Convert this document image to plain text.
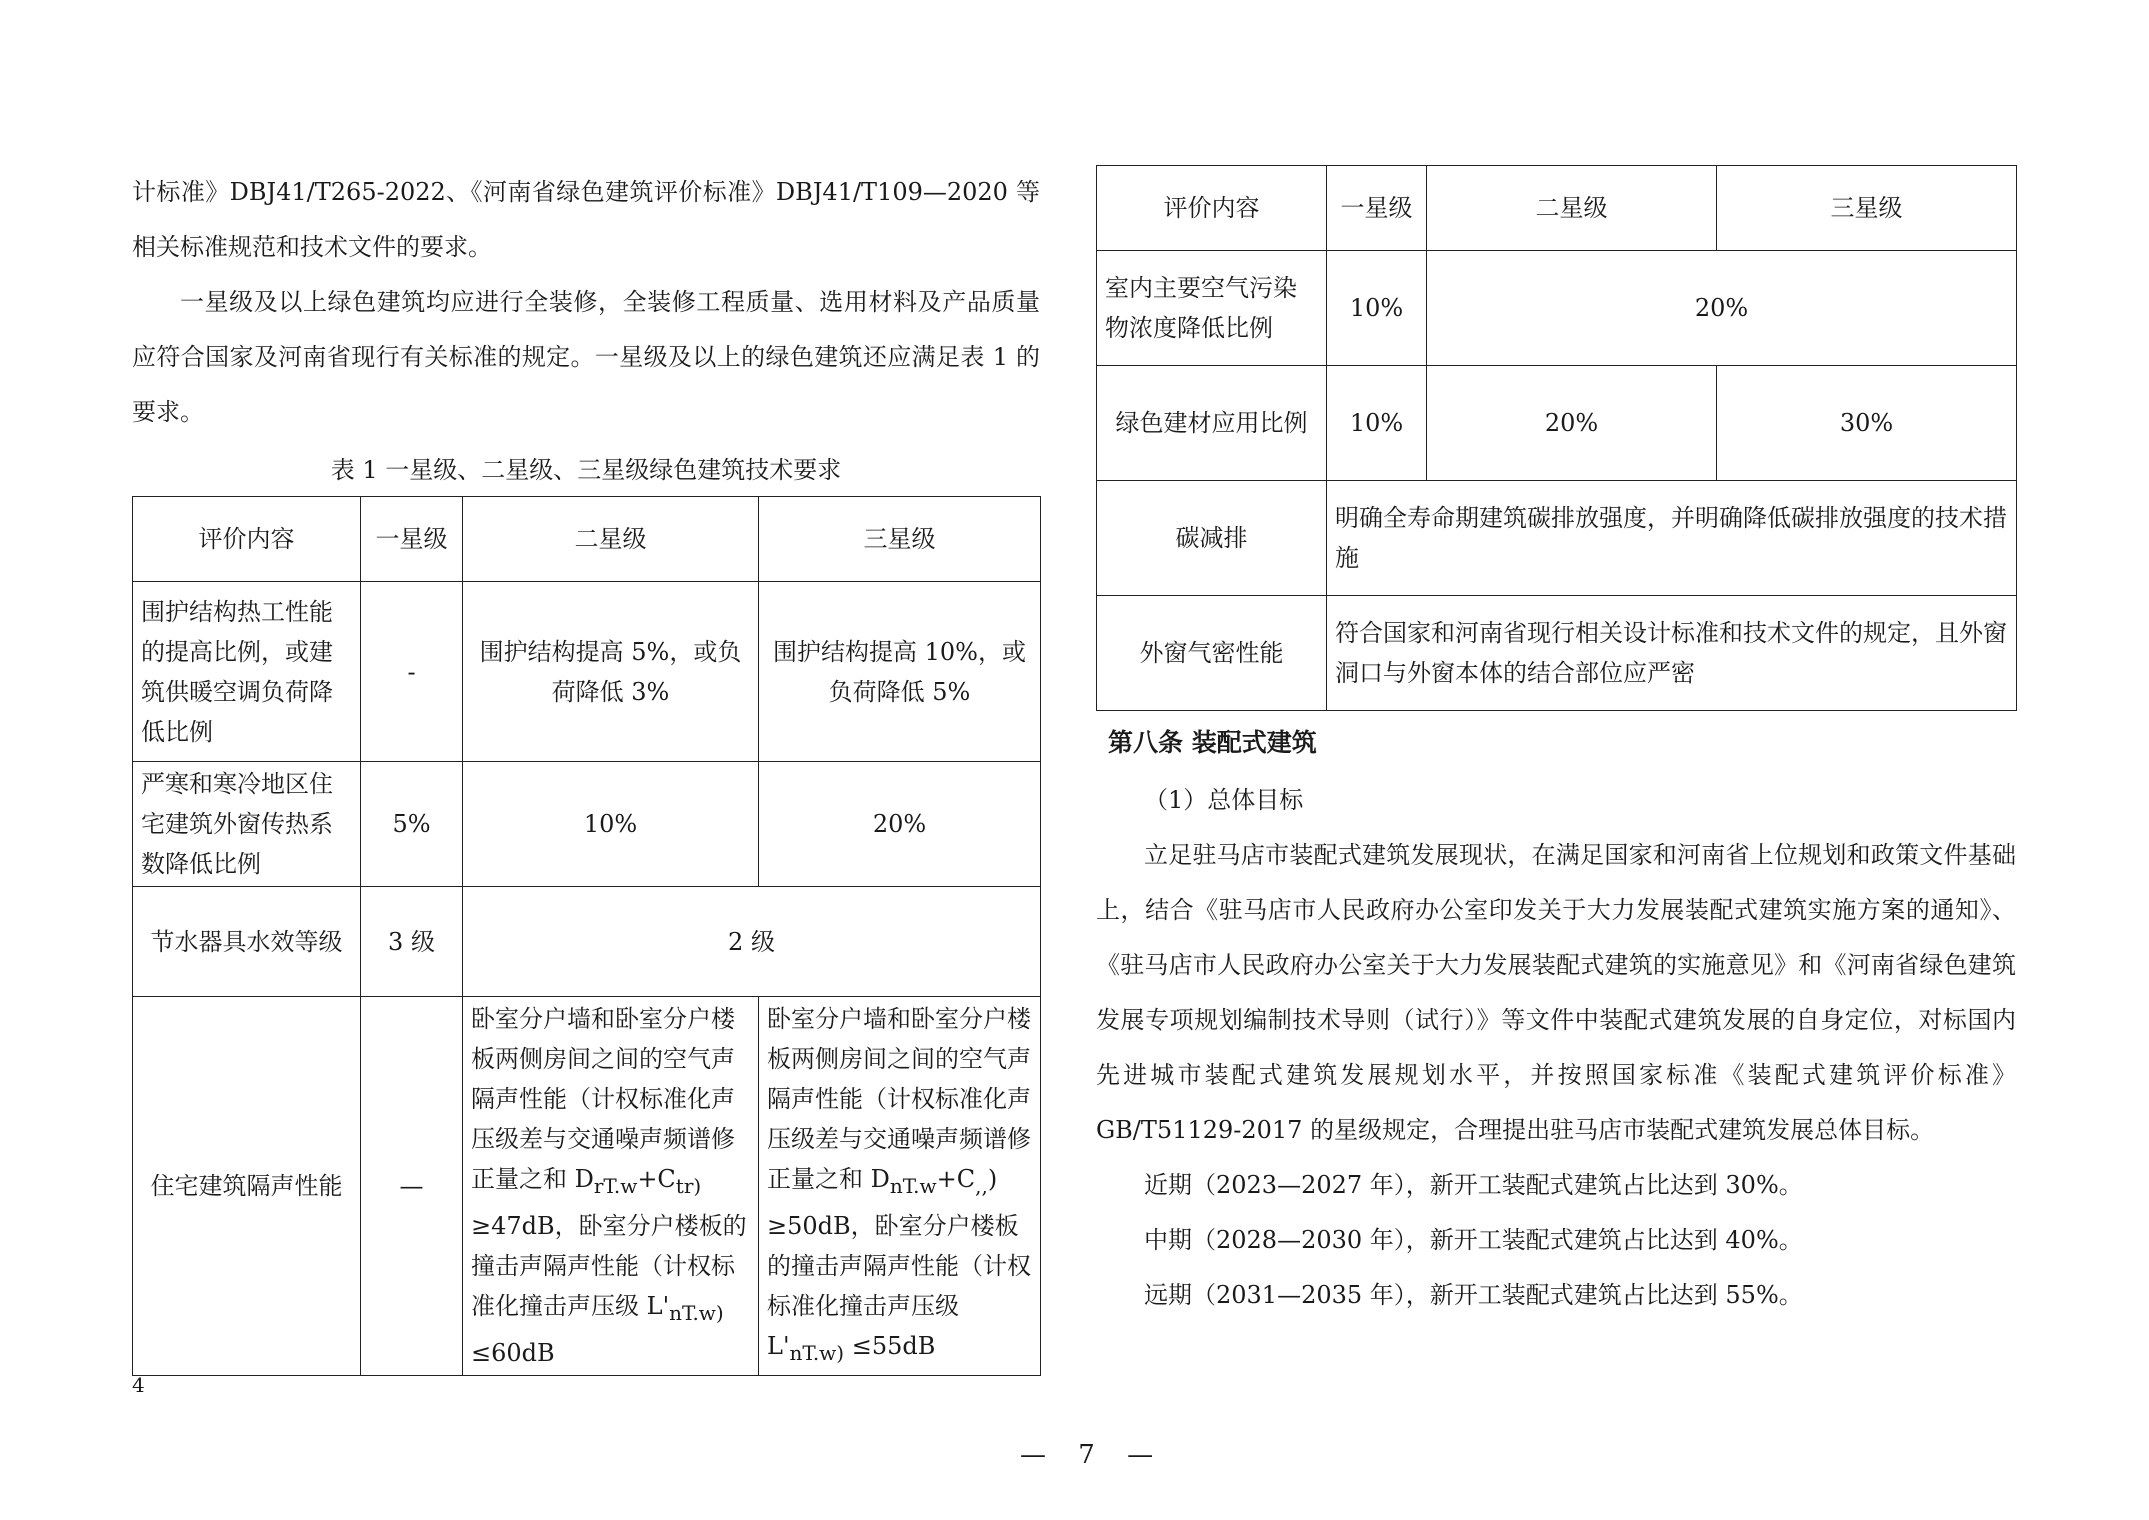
计标准》DBJ41/T265-2022、《河南省绿色建筑评价标准》DBJ41/T109—2020 等相关标准规范和技术文件的要求。

一星级及以上绿色建筑均应进行全装修，全装修工程质量、选用材料及产品质量应符合国家及河南省现行有关标准的规定。一星级及以上的绿色建筑还应满足表 1 的要求。

表 1 一星级、二星级、三星级绿色建筑技术要求
评价内容	一星级	二星级	三星级
围护结构热工性能的提高比例，或建筑供暖空调负荷降低比例	-	围护结构提高 5%，或负荷降低 3%	围护结构提高 10%，或负荷降低 5%
严寒和寒冷地区住宅建筑外窗传热系数降低比例	5%	10%	20%
节水器具水效等级	3 级	2 级	
住宅建筑隔声性能	—	卧室分户墙和卧室分户楼板两侧房间之间的空气声隔声性能（计权标准化声压级差与交通噪声频谱修正量之和 $D_{rT.w}+C_{tr)} \ge 47dB$，卧室分户楼板的撞击声隔声性能（计权标准化撞击声压级 $L'_{nT.w)} \le 60dB$	卧室分户墙和卧室分户楼板两侧房间之间的空气声隔声性能（计权标准化声压级差与交通噪声频谱修正量之和 $D_{nT.w}+C_{,,}) \ge 50dB$，卧室分户楼板的撞击声隔声性能（计权标准化撞击声压级 $L'_{nT.w)} \le 55dB$
4
评价内容	一星级	二星级	三星级
室内主要空气污染物浓度降低比例	10%	20%	
绿色建材应用比例	10%	20%	30%
碳减排	明确全寿命期建筑碳排放强度，并明确降低碳排放强度的技术措施		
外窗气密性能	符合国家和河南省现行相关设计标准和技术文件的规定，且外窗洞口与外窗本体的结合部位应严密		
第八条 装配式建筑

（1）总体目标

立足驻马店市装配式建筑发展现状，在满足国家和河南省上位规划和政策文件基础上，结合《驻马店市人民政府办公室印发关于大力发展装配式建筑实施方案的通知》、《驻马店市人民政府办公室关于大力发展装配式建筑的实施意见》和《河南省绿色建筑发展专项规划编制技术导则（试行）》等文件中装配式建筑发展的自身定位，对标国内先进城市装配式建筑发展规划水平，并按照国家标准《装配式建筑评价标准》GB/T51129-2017 的星级规定，合理提出驻马店市装配式建筑发展总体目标。

近期（2023—2027 年），新开工装配式建筑占比达到 30%。

中期（2028—2030 年），新开工装配式建筑占比达到 40%。

远期（2031—2035 年），新开工装配式建筑占比达到 55%。

— 7 —
